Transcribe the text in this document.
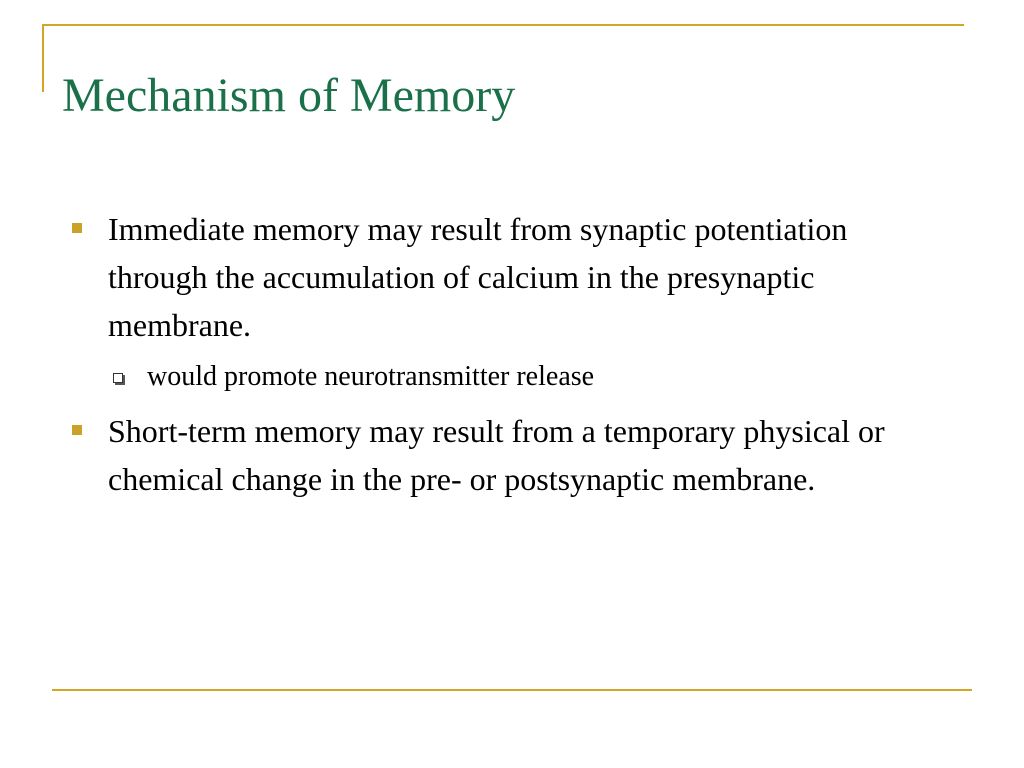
Mechanism of Memory
Immediate memory may result from synaptic potentiation through the accumulation of calcium in the presynaptic membrane.
would promote neurotransmitter release
Short-term memory may result from a temporary physical or chemical change in the pre- or postsynaptic membrane.
